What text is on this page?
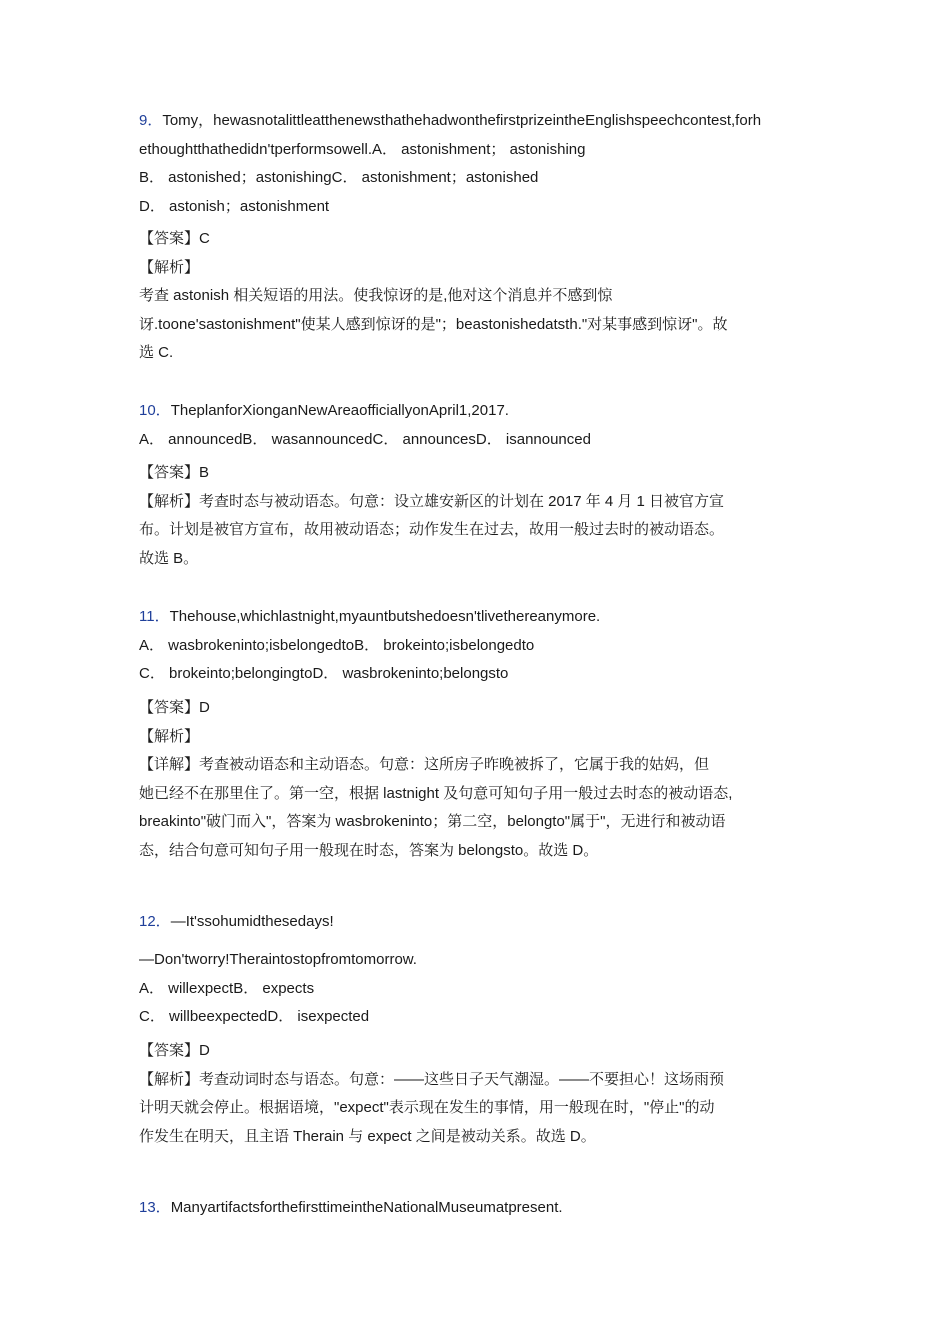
9．Tomy，hewasnotalittleatthenewsthathehadwonthefirstprizeintheEnglishspeechcontest,forh
ethoughtthathedidn'tperformsowell.A． astonishment； astonishing
B． astonished；astonishingC． astonishment；astonished
D． astonish；astonishment
【答案】C
【解析】
考查 astonish 相关短语的用法。使我惊讶的是,他对这个消息并不感到惊
讶.toone'sastonishment"使某人感到惊讶的是"；beastonishedatsth."对某事感到惊讶"。故
选 C.
10．TheplanforXionganNewAreaofficiallyonApril1,2017.
A． announcedB． wasannouncedC． announcesD． isannounced
【答案】B
【解析】考查时态与被动语态。句意：设立雄安新区的计划在 2017 年 4 月 1 日被官方宣
布。计划是被官方宣布，故用被动语态；动作发生在过去，故用一般过去时的被动语态。
故选 B。
11．Thehouse,whichlastnight,myauntbutshedoesn'tlivethereanymore.
A． wasbrokeninto;isbelongedtoB． brokeinto;isbelongedto
C． brokeinto;belongingtoD． wasbrokeninto;belongsto
【答案】D
【解析】
【详解】考查被动语态和主动语态。句意：这所房子昨晚被拆了，它属于我的姑妈，但
她已经不在那里住了。第一空，根据 lastnight 及句意可知句子用一般过去时态的被动语态,
breakinto"破门而入"，答案为 wasbrokeninto；第二空，belongto"属于"，无进行和被动语
态，结合句意可知句子用一般现在时态，答案为 belongsto。故选 D。
12．—It'ssohumidthesedays!
—Don'tworry!Theraintostopfromtomorrow.
A． willexpectB． expects
C． willbeexpectedD． isexpected
【答案】D
【解析】考查动词时态与语态。句意：——这些日子天气潮湿。——不要担心！这场雨预
计明天就会停止。根据语境，"expect"表示现在发生的事情，用一般现在时，"停止"的动
作发生在明天，且主语 Therain 与 expect 之间是被动关系。故选 D。
13．ManyartifactsforthefirsttimeintheNationalMuseumatpresent.
